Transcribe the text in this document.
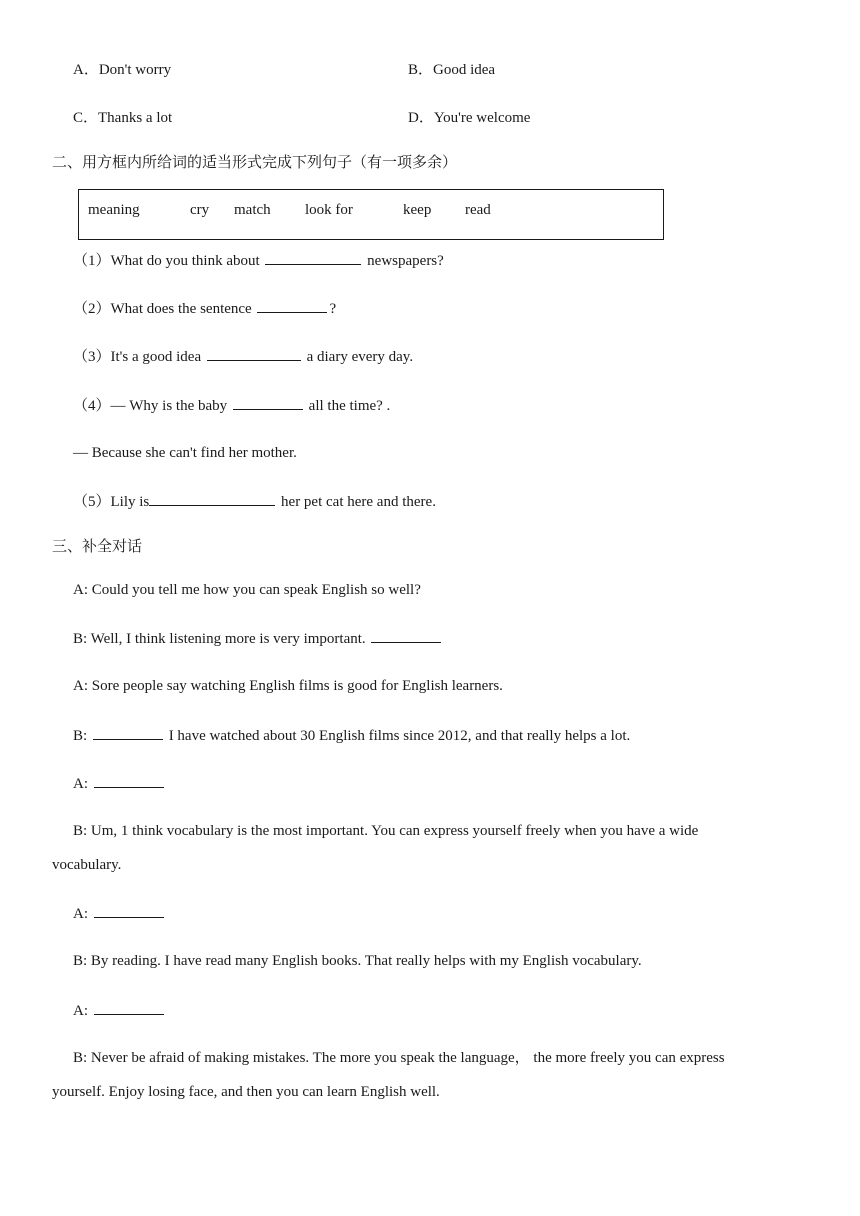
A．Don't worry	B．Good idea
C．Thanks a lot	D．You're welcome
二、用方框内所给词的适当形式完成下列句子（有一项多余）
meaning	cry match look for	keep read
（1）What do you think about	newspapers?
（2）What does the sentence	?
（3）It's a good idea	a diary every day.
（4）— Why is the baby	all the time? .
— Because she can't find her mother.
（5）Lily is	her pet cat here and there.
三、补全对话
A: Could you tell me how you can speak English so well?
B: Well, I think listening more is very important.
A: Sore people say watching English films is good for English learners.
B:	I have watched about 30 English films since 2012, and that really helps a lot.
A:
B: Um, 1 think vocabulary is the most important. You can express yourself freely when you have a wide
vocabulary.
A:
B: By reading. I have read many English books. That really helps with my English vocabulary.
A:
B: Never be afraid of making mistakes. The more you speak the language， the more freely you can express
yourself. Enjoy losing face, and then you can learn English well.
